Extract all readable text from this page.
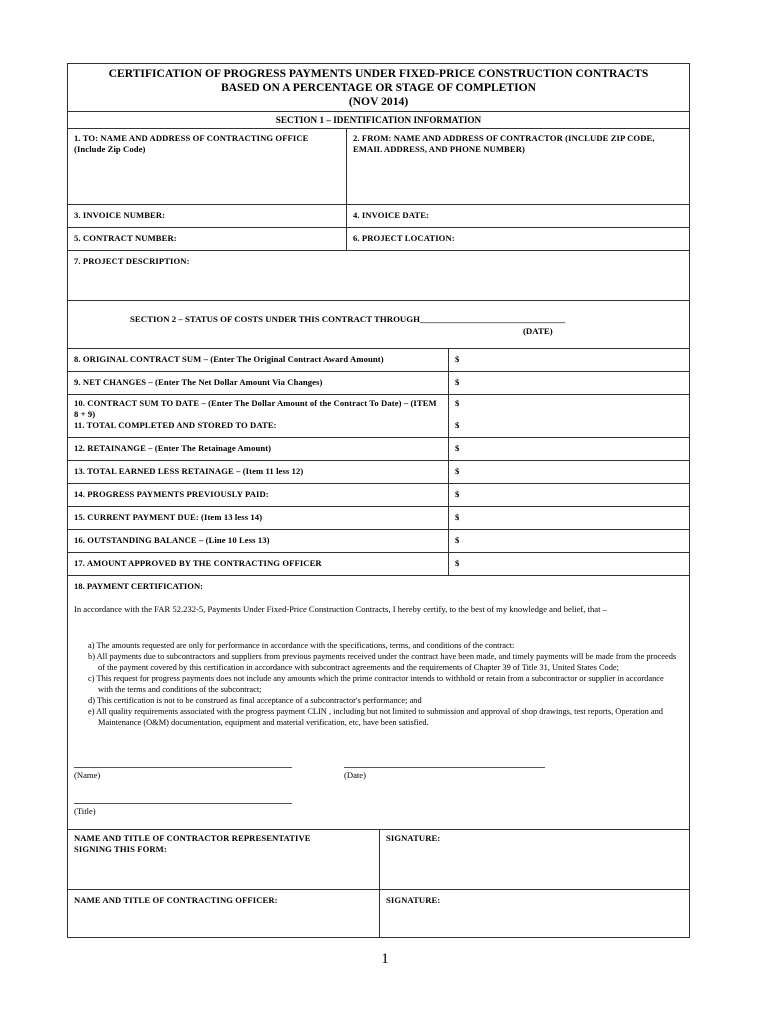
CERTIFICATION OF PROGRESS PAYMENTS UNDER FIXED-PRICE CONSTRUCTION CONTRACTS
BASED ON A PERCENTAGE OR STAGE OF COMPLETION
(NOV 2014)
SECTION 1 – IDENTIFICATION INFORMATION
1. TO: NAME AND ADDRESS OF CONTRACTING OFFICE (Include Zip Code)
2. FROM: NAME AND ADDRESS OF CONTRACTOR (INCLUDE ZIP CODE, EMAIL ADDRESS, AND PHONE NUMBER)
3. INVOICE NUMBER:	4. INVOICE DATE:
5. CONTRACT NUMBER:	6. PROJECT LOCATION:
7. PROJECT DESCRIPTION:
SECTION 2 – STATUS OF COSTS UNDER THIS CONTRACT THROUGH_________________________________
(DATE)
8. ORIGINAL CONTRACT SUM – (Enter The Original Contract Award Amount)	$
9. NET CHANGES – (Enter The Net Dollar Amount Via Changes)	$
10. CONTRACT SUM TO DATE – (Enter The Dollar Amount of the Contract To Date) – (ITEM 8 + 9)
$
11. TOTAL COMPLETED AND STORED TO DATE:	$
12. RETAINANGE – (Enter The Retainage Amount)	$
13. TOTAL EARNED LESS RETAINAGE – (Item 11 less 12)	$
14. PROGRESS PAYMENTS PREVIOUSLY PAID:	$
15. CURRENT PAYMENT DUE: (Item 13 less 14)	$
16. OUTSTANDING BALANCE – (Line 10 Less 13)	$
17. AMOUNT APPROVED BY THE CONTRACTING OFFICER	$
18. PAYMENT CERTIFICATION:
In accordance with the FAR 52.232-5, Payments Under Fixed-Price Construction Contracts, I hereby certify, to the best of my knowledge and belief, that –
a) The amounts requested are only for performance in accordance with the specifications, terms, and conditions of the contract:
b) All payments due to subcontractors and suppliers from previous payments received under the contract have been made, and timely payments will be made from the proceeds of the payment covered by this certification in accordance with subcontract agreements and the requirements of Chapter 39 of Title 31, United States Code;
c) This request for progress payments does not include any amounts which the prime contractor intends to withhold or retain from a subcontractor or supplier in accordance with the terms and conditions of the subcontract;
d) This certification is not to be construed as final acceptance of a subcontractor's performance; and
e) All quality requirements associated with the progress payment CLIN , including but not limited to submission and approval of shop drawings, test reports, Operation and Maintenance (O&M) documentation, equipment and material verification, etc, have been satisfied.
(Name)	(Date)
(Title)
NAME AND TITLE OF CONTRACTOR REPRESENTATIVE SIGNING THIS FORM:
SIGNATURE:
NAME AND TITLE OF CONTRACTING OFFICER:	SIGNATURE:
1
